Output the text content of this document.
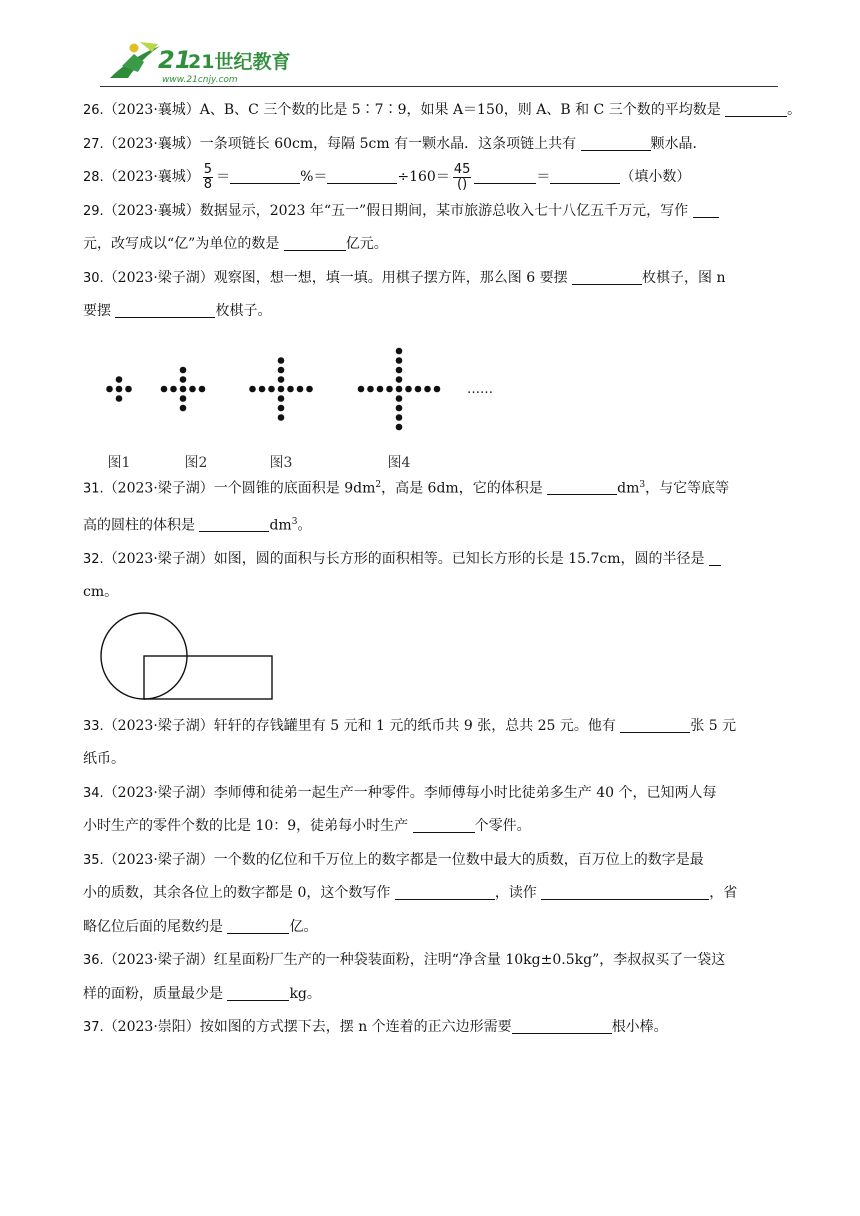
21
21世纪教育
www.21cnjy.com

26.（2023·襄城）A、B、C 三个数的比是 5∶7∶9，如果 A＝150，则 A、B 和 C 三个数的平均数是	。

27.（2023·襄城）一条项链长 60cm，每隔 5cm 有一颗水晶．这条项链上共有	颗水晶．

28.（2023·襄城） $\frac{5}{8}$ ＝	%＝	$\div 160= \frac{45}{()}$	＝	（填小数）

29.（2023·襄城）数据显示，2023 年“五一”假日期间，某市旅游总收入七十八亿五千万元，写作

元，改写成以“亿”为单位的数是	亿元。

30.（2023·梁子湖）观察图，想一想，填一填。用棋子摆方阵，那么图 6 要摆	枚棋子，图 n

要摆	枚棋子。

图1	图2	图3	图4
……

31.（2023·梁子湖）一个圆锥的底面积是 $9dm^2$，高是 6dm，它的体积是	$dm^3$，与它等底等

高的圆柱的体积是	$dm^3$。

32.（2023·梁子湖）如图，圆的面积与长方形的面积相等。已知长方形的长是 15.7cm，圆的半径是

cm。

33.（2023·梁子湖）轩轩的存钱罐里有 5 元和 1 元的纸币共 9 张，总共 25 元。他有	张 5 元

纸币。

34.（2023·梁子湖）李师傅和徒弟一起生产一种零件。李师傅每小时比徒弟多生产 40 个，已知两人每

小时生产的零件个数的比是 10：9，徒弟每小时生产	个零件。

35.（2023·梁子湖）一个数的亿位和千万位上的数字都是一位数中最大的质数，百万位上的数字是最

小的质数，其余各位上的数字都是 0，这个数写作	，读作	，省

略亿位后面的尾数约是	亿。

36.（2023·梁子湖）红星面粉厂生产的一种袋装面粉，注明“净含量 10kg±0.5kg”，李叔叔买了一袋这

样的面粉，质量最少是	kg。

37.（2023·崇阳）按如图的方式摆下去，摆 n 个连着的正六边形需要	根小棒。
